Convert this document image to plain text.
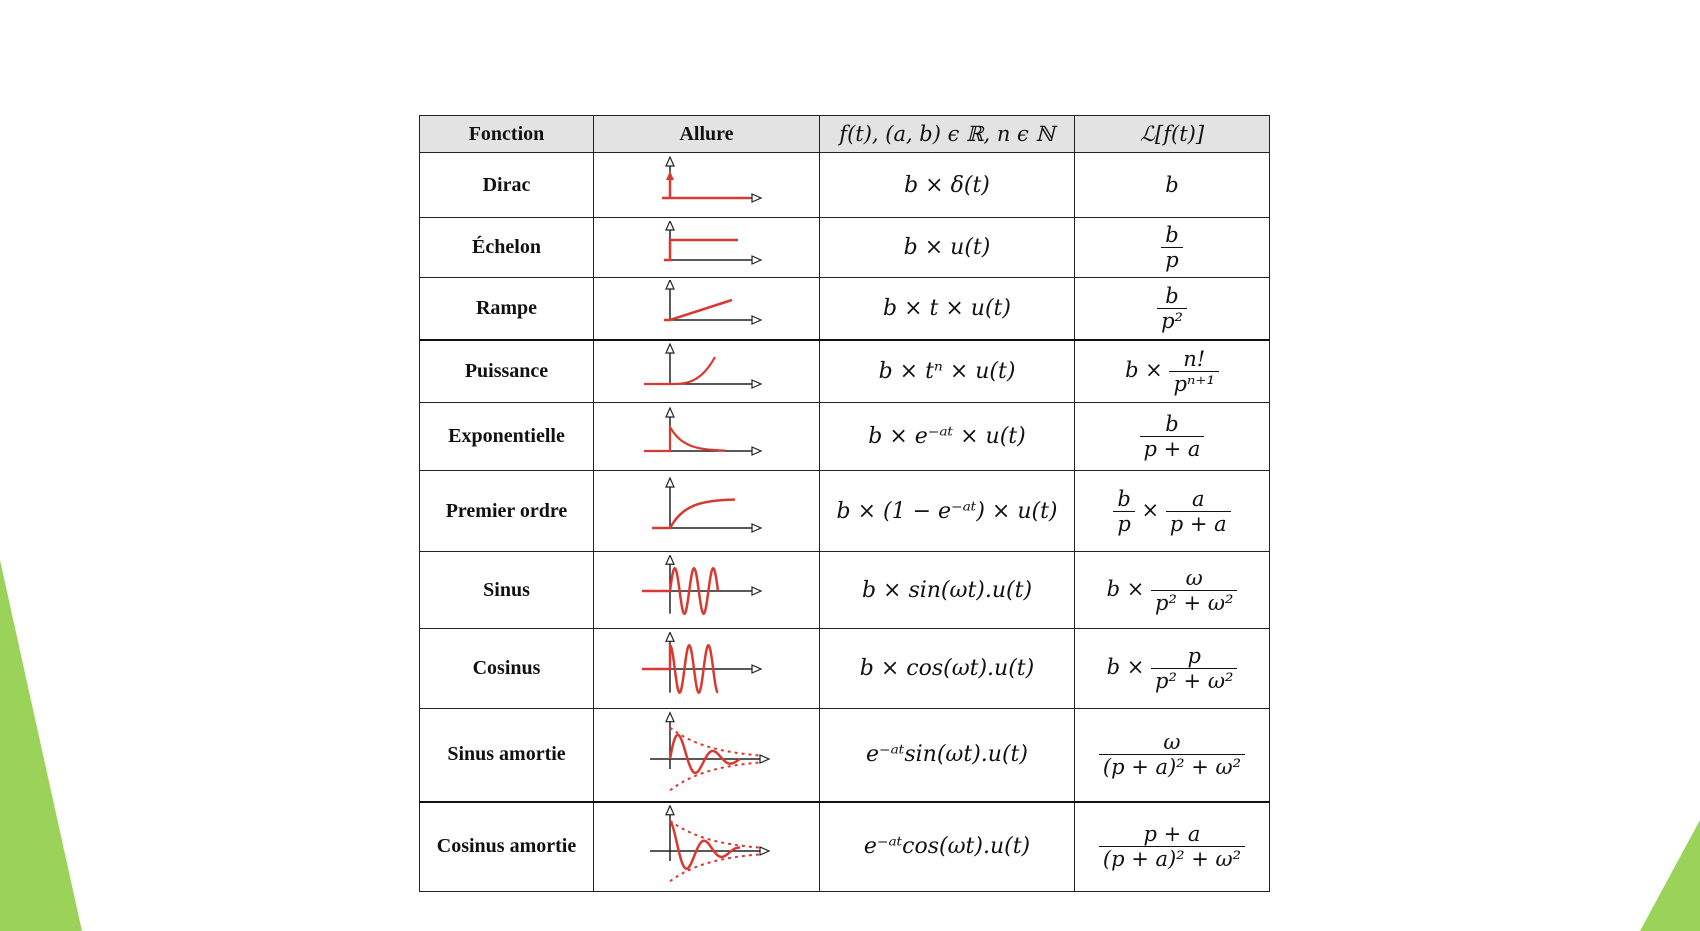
Fonction	Allure	f(t), (a, b) ϵ ℝ, n ϵ ℕ	ℒ[f(t)]
Dirac		b × δ(t)	b
Échelon		b × u(t)	$\frac{b}{p}$

Rampe		b × t × u(t)	$\frac{b}{\text{p²}}$

Puissance		b × tⁿ × u(t)	$b \times \frac{n!}{\text{pⁿ⁺¹}}$

Exponentielle		b × e⁻ᵃᵗ × u(t)	$\frac{b}{p + a}$

Premier ordre		b × (1 − e⁻ᵃᵗ) × u(t)	$\frac{b}{p} \times \frac{a}{p + a}$

Sinus		b × sin(ωt).u(t)	$b \times \frac{\omega}{\text{p² + ω²}}$

Cosinus		b × cos(ωt).u(t)	$b \times \frac{p}{\text{p² + ω²}}$

Sinus amortie		e⁻ᵃᵗsin(ωt).u(t)	$\frac{\omega}{\text{(p + a)² + ω²}}$

Cosinus amortie		e⁻ᵃᵗcos(ωt).u(t)	$\frac{p + a}{\text{(p + a)² + ω²}}$
